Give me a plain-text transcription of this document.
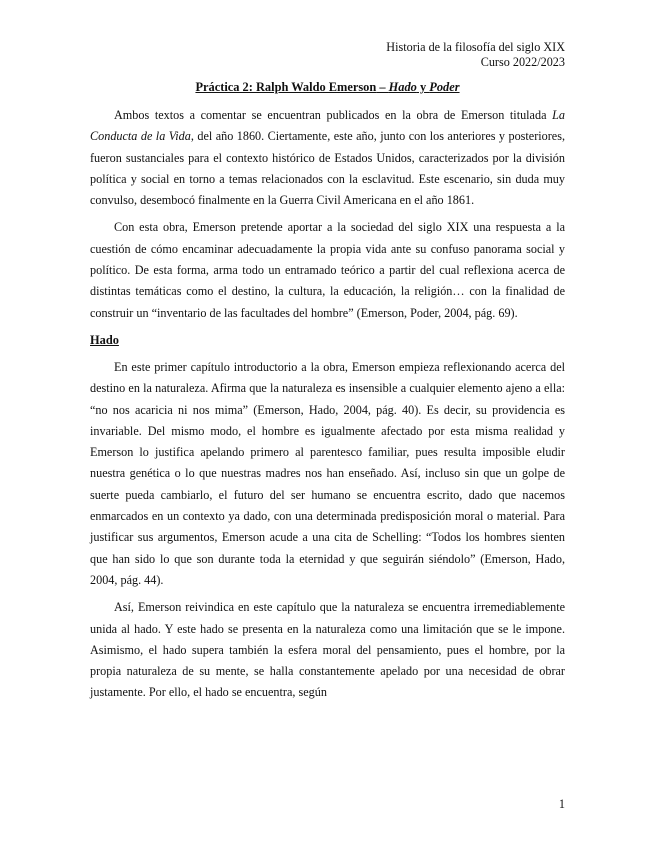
Historia de la filosofía del siglo XIX
Curso 2022/2023
Práctica 2: Ralph Waldo Emerson – Hado y Poder

Ambos textos a comentar se encuentran publicados en la obra de Emerson titulada La Conducta de la Vida, del año 1860. Ciertamente, este año, junto con los anteriores y posteriores, fueron sustanciales para el contexto histórico de Estados Unidos, caracterizados por la división política y social en torno a temas relacionados con la esclavitud. Este escenario, sin duda muy convulso, desembocó finalmente en la Guerra Civil Americana en el año 1861.

Con esta obra, Emerson pretende aportar a la sociedad del siglo XIX una respuesta a la cuestión de cómo encaminar adecuadamente la propia vida ante su confuso panorama social y político. De esta forma, arma todo un entramado teórico a partir del cual reflexiona acerca de distintas temáticas como el destino, la cultura, la educación, la religión… con la finalidad de construir un “inventario de las facultades del hombre” (Emerson, Poder, 2004, pág. 69).

Hado

En este primer capítulo introductorio a la obra, Emerson empieza reflexionando acerca del destino en la naturaleza. Afirma que la naturaleza es insensible a cualquier elemento ajeno a ella: “no nos acaricia ni nos mima” (Emerson, Hado, 2004, pág. 40). Es decir, su providencia es invariable. Del mismo modo, el hombre es igualmente afectado por esta misma realidad y Emerson lo justifica apelando primero al parentesco familiar, pues resulta imposible eludir nuestra genética o lo que nuestras madres nos han enseñado. Así, incluso sin que un golpe de suerte pueda cambiarlo, el futuro del ser humano se encuentra escrito, dado que nacemos enmarcados en un contexto ya dado, con una determinada predisposición moral o material. Para justificar sus argumentos, Emerson acude a una cita de Schelling: “Todos los hombres sienten que han sido lo que son durante toda la eternidad y que seguirán siéndolo” (Emerson, Hado, 2004, pág. 44).

Así, Emerson reivindica en este capítulo que la naturaleza se encuentra irremediablemente unida al hado. Y este hado se presenta en la naturaleza como una limitación que se le impone. Asimismo, el hado supera también la esfera moral del pensamiento, pues el hombre, por la propia naturaleza de su mente, se halla constantemente apelado por una necesidad de obrar justamente. Por ello, el hado se encuentra, según

1
